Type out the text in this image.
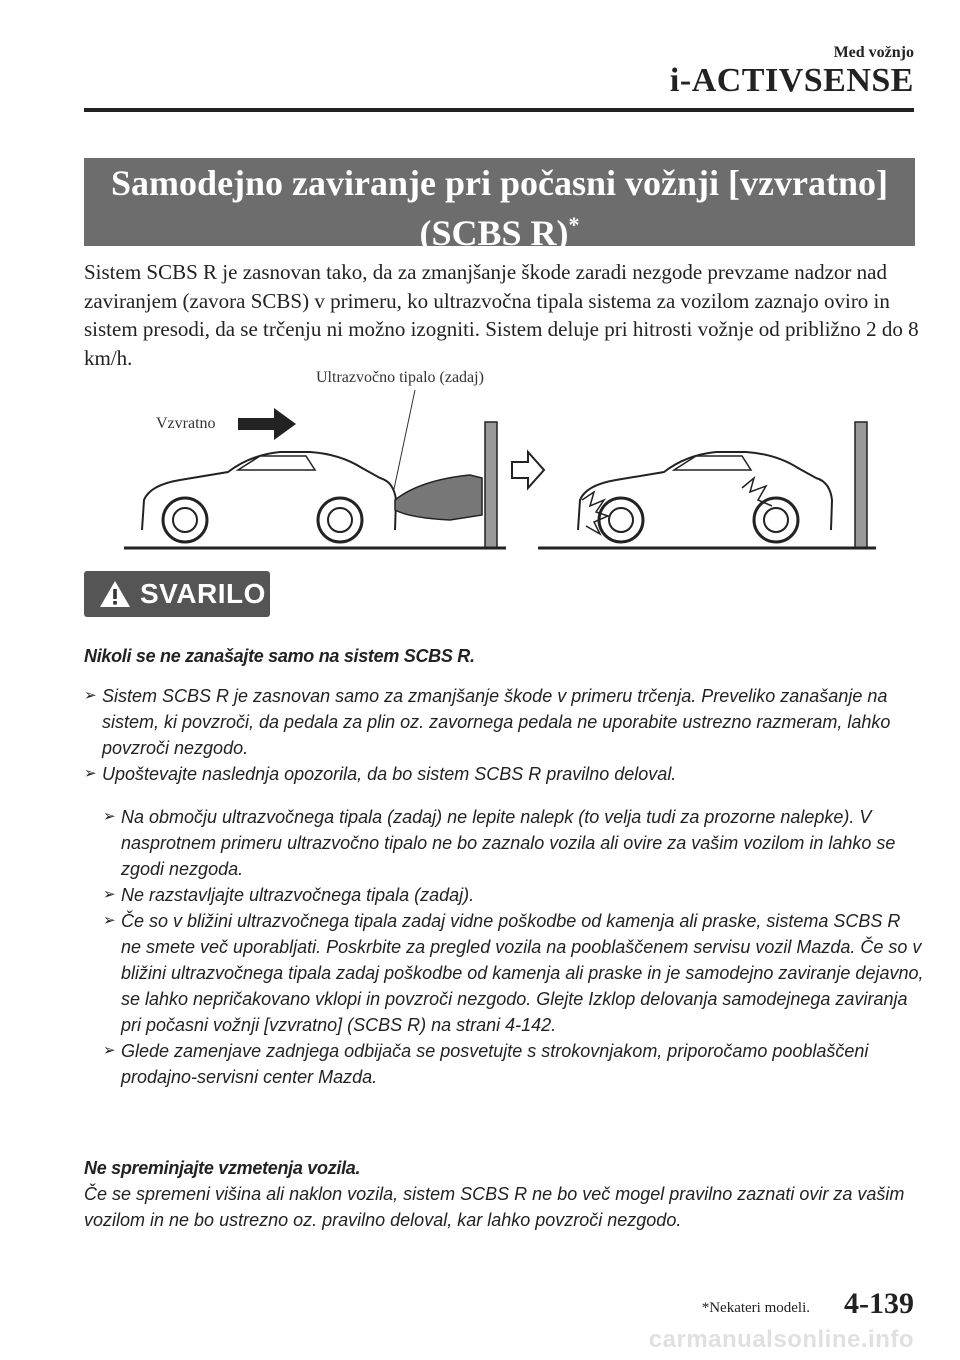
Med vožnjo
i-ACTIVSENSE
Samodejno zaviranje pri počasni vožnji [vzvratno]
(SCBS R)*
Sistem SCBS R je zasnovan tako, da za zmanjšanje škode zaradi nezgode prevzame nadzor nad zaviranjem (zavora SCBS) v primeru, ko ultrazvočna tipala sistema za vozilom zaznajo oviro in sistem presodi, da se trčenju ni možno izogniti. Sistem deluje pri hitrosti vožnje od približno 2 do 8 km/h.
Vzvratno
Ultrazvočno tipalo (zadaj)
SVARILO
Nikoli se ne zanašajte samo na sistem SCBS R.
➢ Sistem SCBS R je zasnovan samo za zmanjšanje škode v primeru trčenja. Preveliko zanašanje na sistem, ki povzroči, da pedala za plin oz. zavornega pedala ne uporabite ustrezno razmeram, lahko povzroči nezgodo.
➢ Upoštevajte naslednja opozorila, da bo sistem SCBS R pravilno deloval.
➢ Na območju ultrazvočnega tipala (zadaj) ne lepite nalepk (to velja tudi za prozorne nalepke). V nasprotnem primeru ultrazvočno tipalo ne bo zaznalo vozila ali ovire za vašim vozilom in lahko se zgodi nezgoda.
➢ Ne razstavljajte ultrazvočnega tipala (zadaj).
➢ Če so v bližini ultrazvočnega tipala zadaj vidne poškodbe od kamenja ali praske, sistema SCBS R ne smete več uporabljati. Poskrbite za pregled vozila na pooblaščenem servisu vozil Mazda. Če so v bližini ultrazvočnega tipala zadaj poškodbe od kamenja ali praske in je samodejno zaviranje dejavno, se lahko nepričakovano vklopi in povzroči nezgodo. Glejte Izklop delovanja samodejnega zaviranja pri počasni vožnji [vzvratno] (SCBS R) na strani 4-142.
➢ Glede zamenjave zadnjega odbijača se posvetujte s strokovnjakom, priporočamo pooblaščeni prodajno-servisni center Mazda.
Ne spreminjajte vzmetenja vozila.
Če se spremeni višina ali naklon vozila, sistem SCBS R ne bo več mogel pravilno zaznati ovir za vašim vozilom in ne bo ustrezno oz. pravilno deloval, kar lahko povzroči nezgodo.
*Nekateri modeli. 4-139
carmanualsonline.info
